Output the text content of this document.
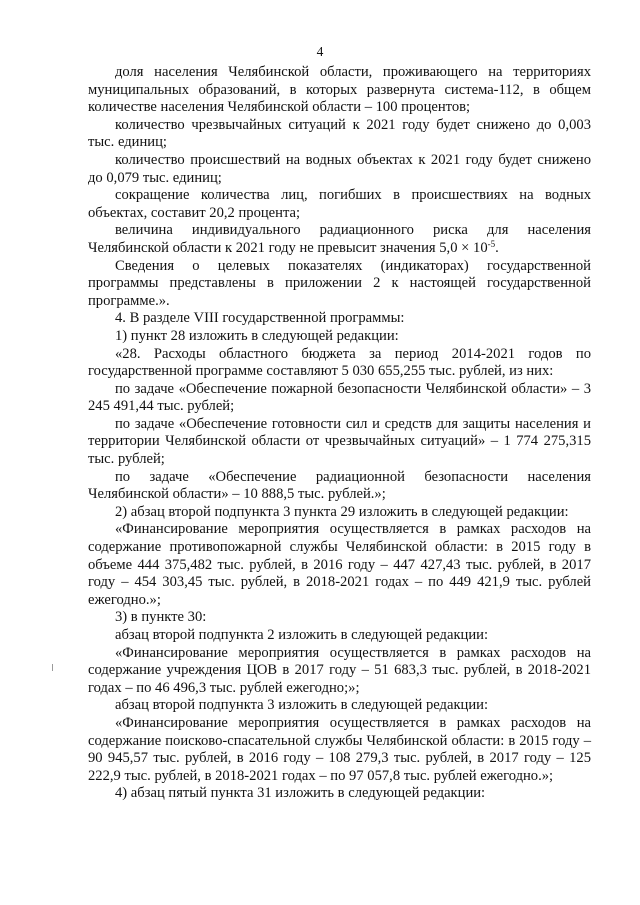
4

доля населения Челябинской области, проживающего на территориях муниципальных образований, в которых развернута система-112, в общем количестве населения Челябинской области – 100 процентов;

количество чрезвычайных ситуаций к 2021 году будет снижено до 0,003 тыс. единиц;

количество происшествий на водных объектах к 2021 году будет снижено до 0,079 тыс. единиц;

сокращение количества лиц, погибших в происшествиях на водных объектах, составит 20,2 процента;

величина индивидуального радиационного риска для населения Челябинской области к 2021 году не превысит значения $5,0 \times 10^{-5}$.

Сведения о целевых показателях (индикаторах) государственной программы представлены в приложении 2 к настоящей государственной программе.».

4. В разделе VIII государственной программы:

1) пункт 28 изложить в следующей редакции:

«28. Расходы областного бюджета за период 2014-2021 годов по государственной программе составляют 5 030 655,255 тыс. рублей, из них:

по задаче «Обеспечение пожарной безопасности Челябинской области» – 3 245 491,44 тыс. рублей;

по задаче «Обеспечение готовности сил и средств для защиты населения и территории Челябинской области от чрезвычайных ситуаций» – 1 774 275,315 тыс. рублей;

по задаче «Обеспечение радиационной безопасности населения Челябинской области» – 10 888,5 тыс. рублей.»;

2) абзац второй подпункта 3 пункта 29 изложить в следующей редакции:

«Финансирование мероприятия осуществляется в рамках расходов на содержание противопожарной службы Челябинской области: в 2015 году в объеме 444 375,482 тыс. рублей, в 2016 году – 447 427,43 тыс. рублей, в 2017 году – 454 303,45 тыс. рублей, в 2018-2021 годах – по 449 421,9 тыс. рублей ежегодно.»;

3) в пункте 30:

абзац второй подпункта 2 изложить в следующей редакции:

«Финансирование мероприятия осуществляется в рамках расходов на содержание учреждения ЦОВ в 2017 году – 51 683,3 тыс. рублей, в 2018-2021 годах – по 46 496,3 тыс. рублей ежегодно;»;

абзац второй подпункта 3 изложить в следующей редакции:

«Финансирование мероприятия осуществляется в рамках расходов на содержание поисково-спасательной службы Челябинской области: в 2015 году – 90 945,57 тыс. рублей, в 2016 году – 108 279,3 тыс. рублей, в 2017 году – 125 222,9 тыс. рублей, в 2018-2021 годах – по 97 057,8 тыс. рублей ежегодно.»;

4) абзац пятый пункта 31 изложить в следующей редакции:
